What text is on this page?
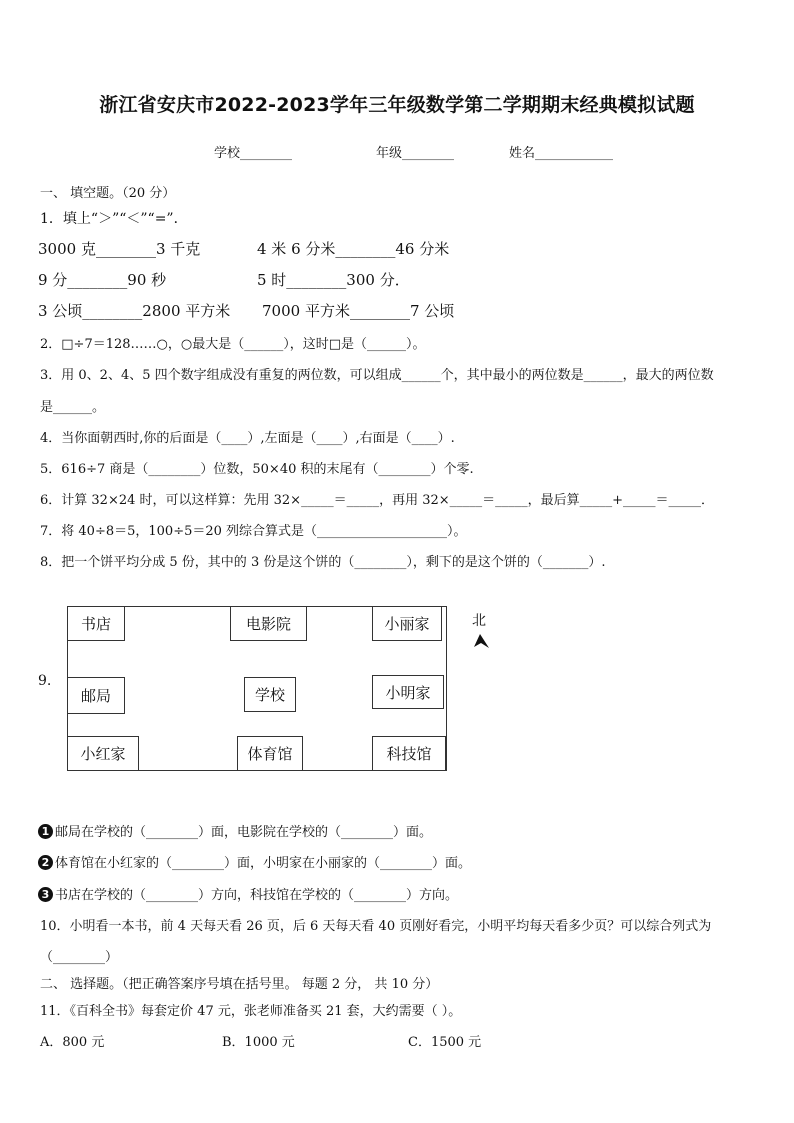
浙江省安庆市2022-2023学年三年级数学第二学期期末经典模拟试题
学校________	年级________	姓名____________
一、 填空题。（20 分）
1．填上“＞”“＜”“=”．
3000 克________3 千克	4 米 6 分米________46 分米
9 分________90 秒	5 时________300 分．
3 公顷________2800 平方米 7000 平方米________7 公顷
2．□÷7＝128……○，○最大是（______），这时□是（______）。
3．用 0、2、4、5 四个数字组成没有重复的两位数，可以组成______个，其中最小的两位数是______，最大的两位数
是______。
4．当你面朝西时,你的后面是（____）,左面是（____）,右面是（____）.
5．616÷7 商是（________）位数，50×40 积的末尾有（________）个零.
6．计算 32×24 时，可以这样算：先用 32×_____＝_____，再用 32×_____＝_____，最后算_____+_____＝_____．
7．将 40÷8＝5，100÷5＝20 列综合算式是（____________________）。
8．把一个饼平均分成 5 份，其中的 3 份是这个饼的（________），剩下的是这个饼的（_______）.
9.
书店	电影院	小丽家
邮局	学校	小明家
小红家	体育馆	科技馆
北
1 邮局在学校的（________）面，电影院在学校的（________）面。
2 体育馆在小红家的（________）面，小明家在小丽家的（________）面。
3 书店在学校的（________）方向，科技馆在学校的（________）方向。
10．小明看一本书，前 4 天每天看 26 页，后 6 天每天看 40 页刚好看完，小明平均每天看多少页？可以综合列式为
（________）
二、 选择题。（把正确答案序号填在括号里。 每题 2 分， 共 10 分）
11．《百科全书》每套定价 47 元，张老师准备买 21 套，大约需要（ ）。
A．800 元	B．1000 元	C．1500 元
